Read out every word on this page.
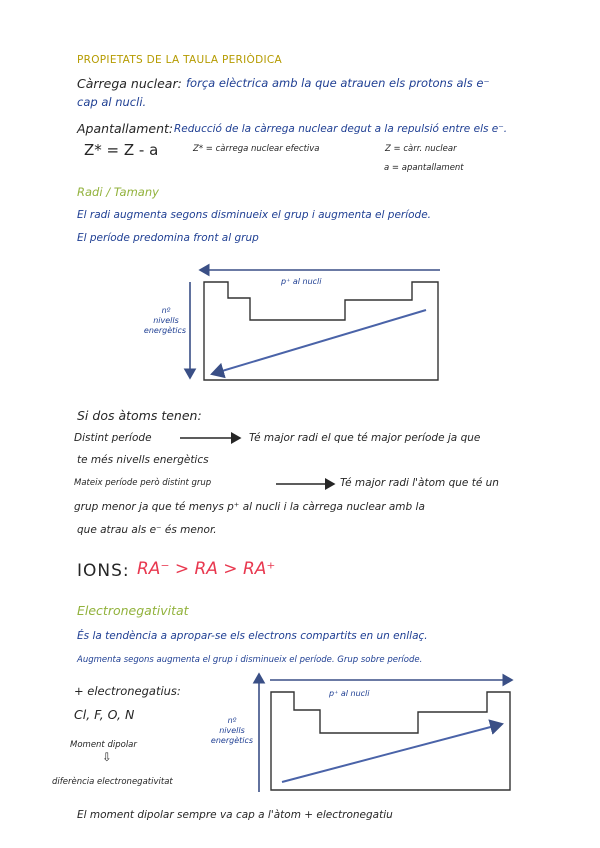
PROPIETATS DE LA TAULA PERIÒDICA
Càrrega nuclear: força elèctrica amb la que atrauen els protons als e⁻
cap al nucli.
Apantallament: Reducció de la càrrega nuclear degut a la repulsió entre els e⁻.
Z* = Z - a	Z* = càrrega nuclear efectiva	Z = càrr. nuclear
a = apantallament
Radi / Tamany
El radi augmenta segons disminueix el grup i augmenta el període.
El període predomina front al grup
p⁺ al nucli
nº
nivells
energètics
Si dos àtoms tenen:
Distint període	Té major radi el que té major període ja que
te més nivells energètics
Mateix període però distint grup	Té major radi l'àtom que té un
grup menor ja que té menys p⁺ al nucli i la càrrega nuclear amb la
que atrau als e⁻ és menor.
IONS: RA⁻ > RA > RA⁺
Electronegativitat
És la tendència a apropar-se els electrons compartits en un enllaç.
Augmenta segons augmenta el grup i disminueix el període. Grup sobre període.
+ electronegatius:
Cl, F, O, N
Moment dipolar
⇩
diferència electronegativitat
El moment dipolar sempre va cap a l'àtom + electronegatiu
p⁺ al nucli
nº
nivells
energètics
